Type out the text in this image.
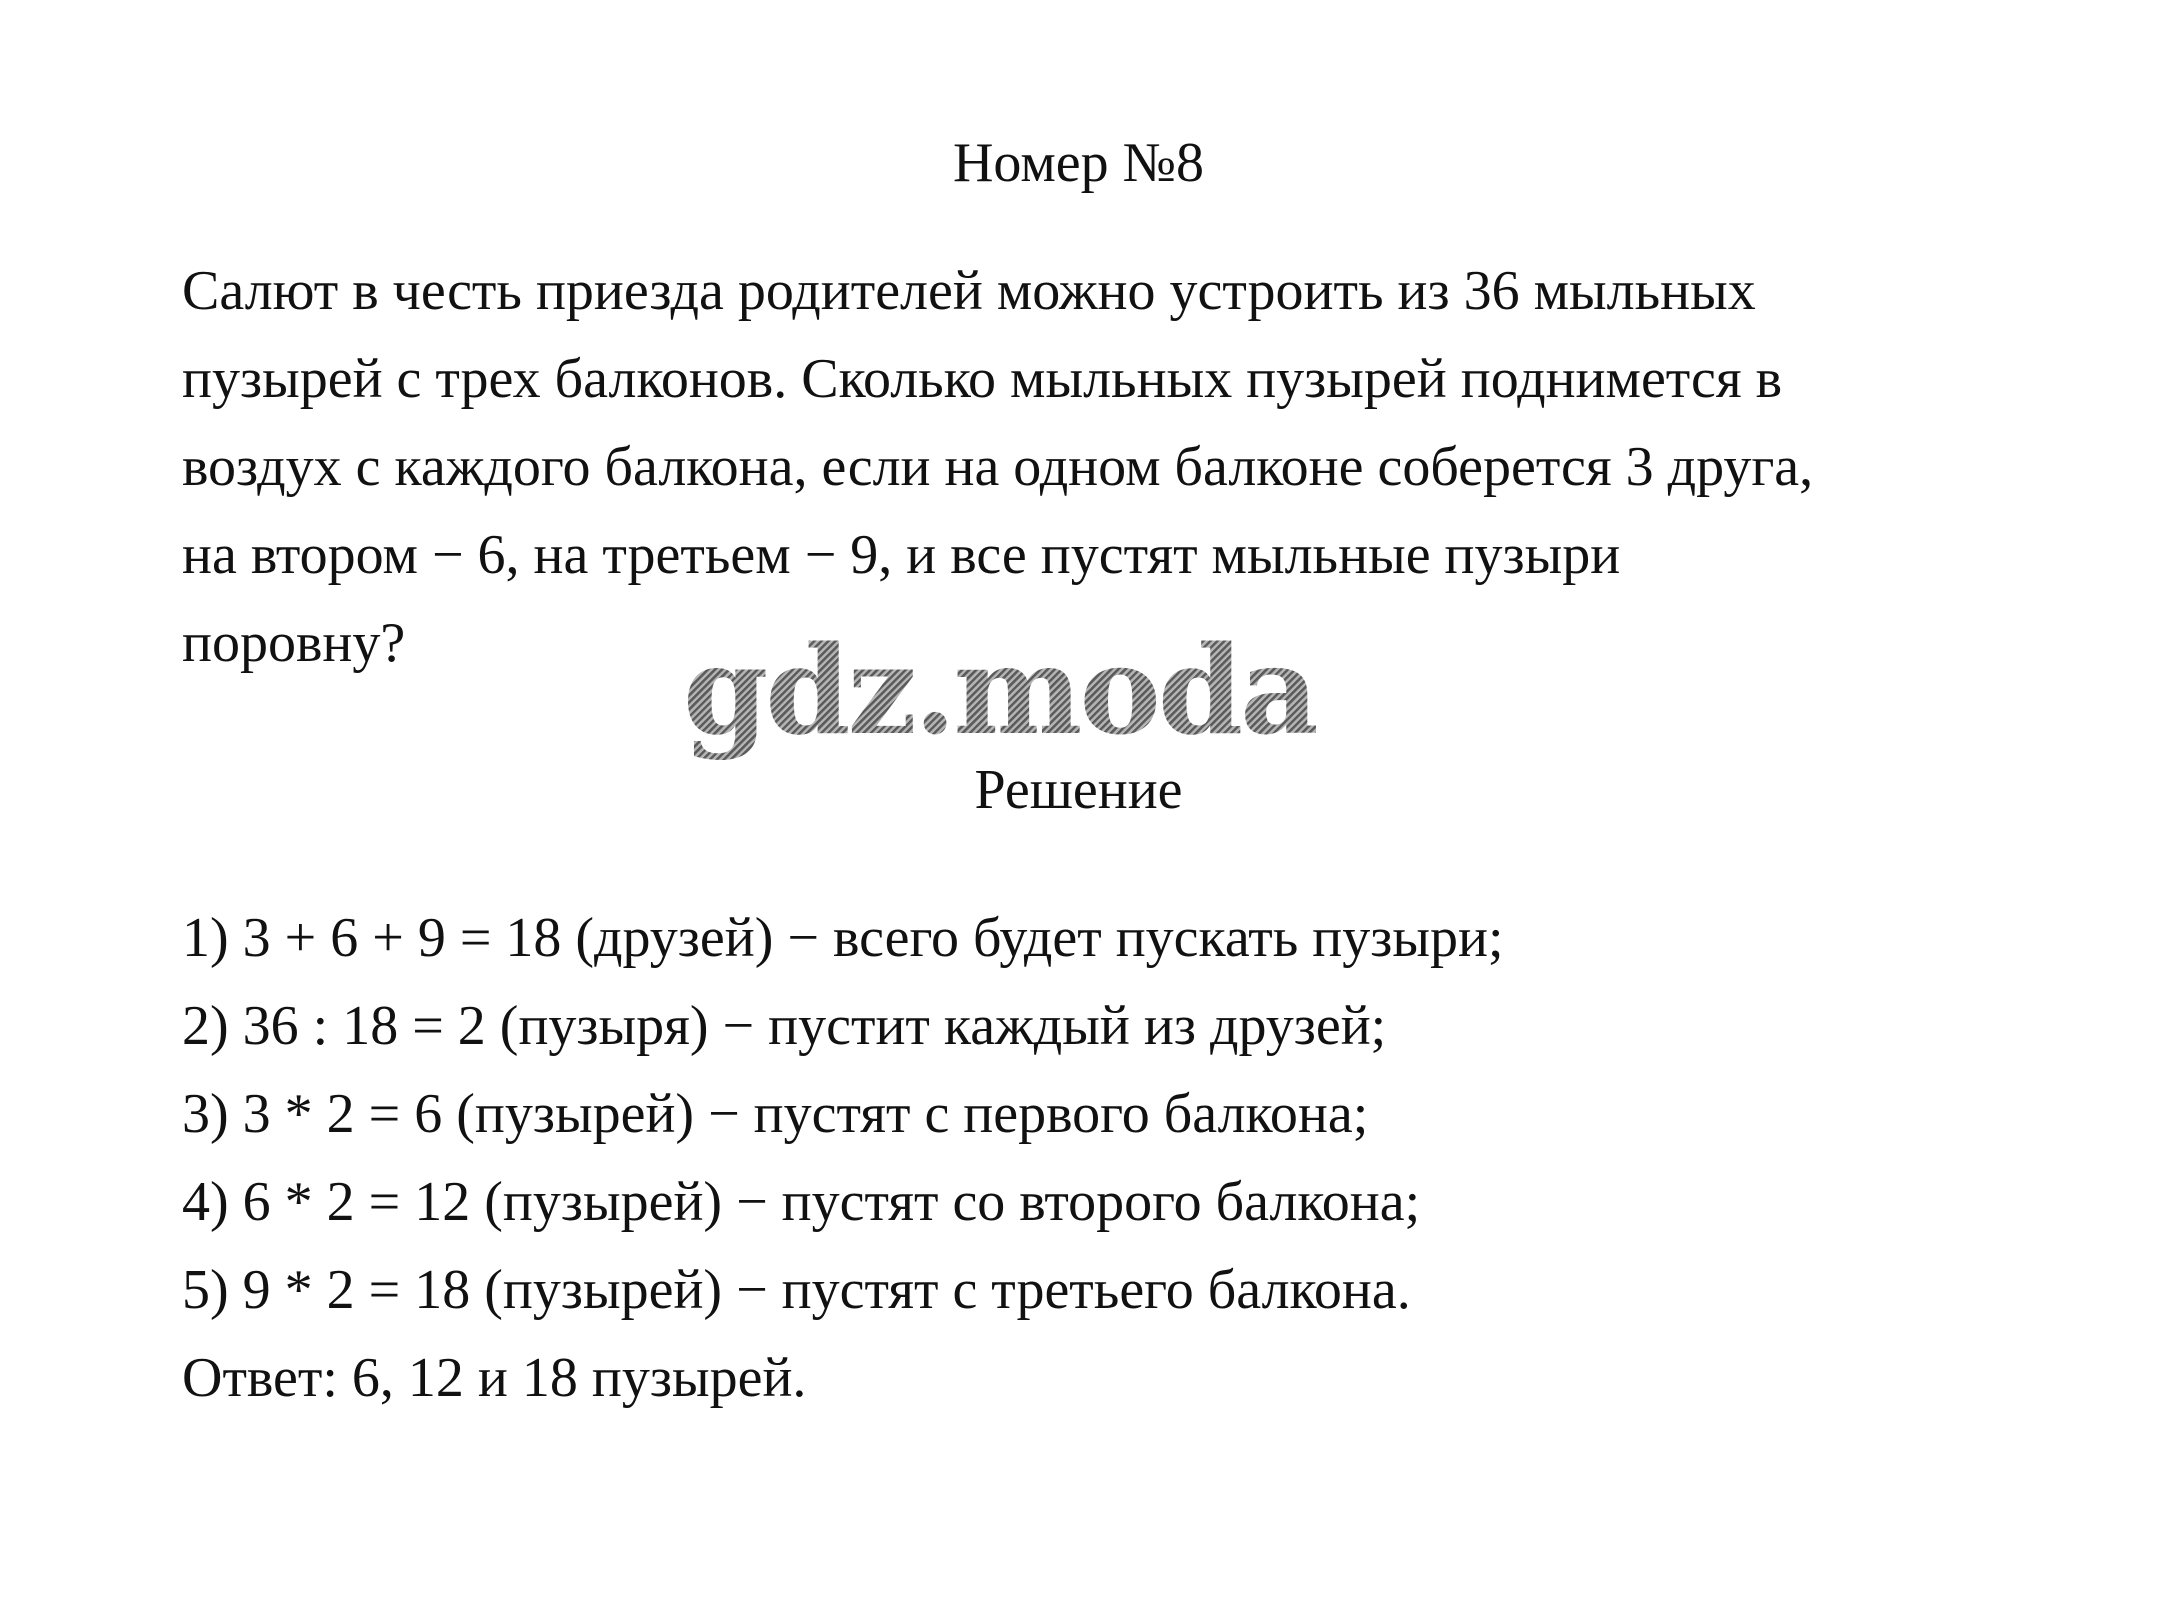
Номер №8
Салют в честь приезда родителей можно устроить из 36 мыльных
пузырей с трех балконов. Сколько мыльных пузырей поднимется в
воздух с каждого балкона, если на одном балконе соберется 3 друга,
на втором − 6, на третьем − 9, и все пустят мыльные пузыри
поровну?	gdz.moda
Решение
1) 3 + 6 + 9 = 18 (друзей) − всего будет пускать пузыри;
2) 36 : 18 = 2 (пузыря) − пустит каждый из друзей;
3) 3 * 2 = 6 (пузырей) − пустят с первого балкона;
4) 6 * 2 = 12 (пузырей) − пустят со второго балкона;
5) 9 * 2 = 18 (пузырей) − пустят с третьего балкона.
Ответ: 6, 12 и 18 пузырей.
